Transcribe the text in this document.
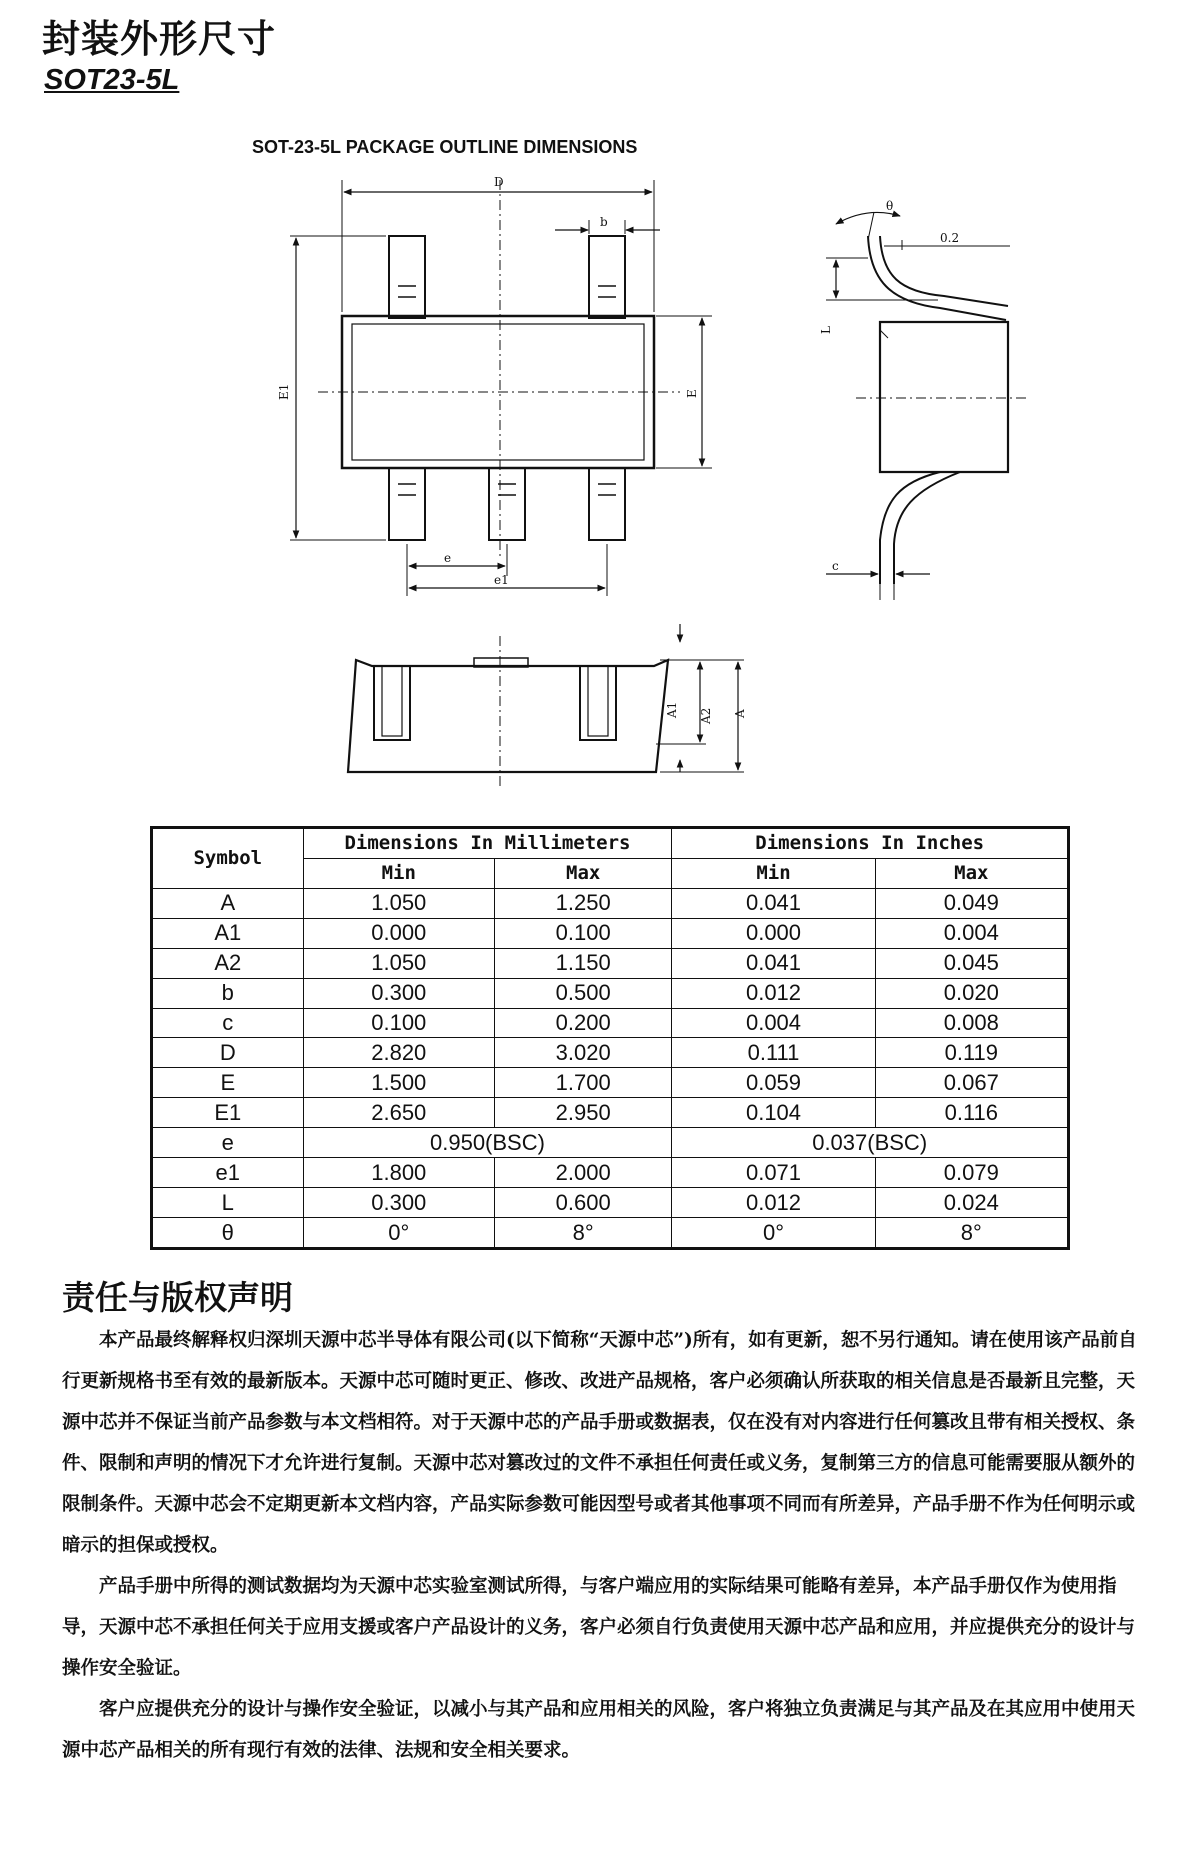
封装外形尺寸
SOT23-5L
SOT-23-5L PACKAGE OUTLINE DIMENSIONS
D
b
E1	E
e
e1
θ
0.2
L
c
A1 A2 A
Symbol	Dimensions In Millimeters		Dimensions In Inches	
	Min	Max	Min	Max
A	1.050	1.250	0.041	0.049
A1	0.000	0.100	0.000	0.004
A2	1.050	1.150	0.041	0.045
b	0.300	0.500	0.012	0.020
c	0.100	0.200	0.004	0.008
D	2.820	3.020	0.111	0.119
E	1.500	1.700	0.059	0.067
E1	2.650	2.950	0.104	0.116
e	0.950(BSC)		0.037(BSC)	
e1	1.800	2.000	0.071	0.079
L	0.300	0.600	0.012	0.024
θ	0°	8°	0°	8°
责任与版权声明

本产品最终解释权归深圳天源中芯半导体有限公司(以下简称“天源中芯”)所有，如有更新，恕不另行通知。请在使用该产品前自行更新规格书至有效的最新版本。天源中芯可随时更正、修改、改进产品规格，客户必须确认所获取的相关信息是否最新且完整，天源中芯并不保证当前产品参数与本文档相符。对于天源中芯的产品手册或数据表，仅在没有对内容进行任何篡改且带有相关授权、条件、限制和声明的情况下才允许进行复制。天源中芯对篡改过的文件不承担任何责任或义务，复制第三方的信息可能需要服从额外的限制条件。天源中芯会不定期更新本文档内容，产品实际参数可能因型号或者其他事项不同而有所差异，产品手册不作为任何明示或暗示的担保或授权。

产品手册中所得的测试数据均为天源中芯实验室测试所得，与客户端应用的实际结果可能略有差异，本产品手册仅作为使用指导，天源中芯不承担任何关于应用支援或客户产品设计的义务，客户必须自行负责使用天源中芯产品和应用，并应提供充分的设计与操作安全验证。

客户应提供充分的设计与操作安全验证，以减小与其产品和应用相关的风险，客户将独立负责满足与其产品及在其应用中使用天源中芯产品相关的所有现行有效的法律、法规和安全相关要求。
